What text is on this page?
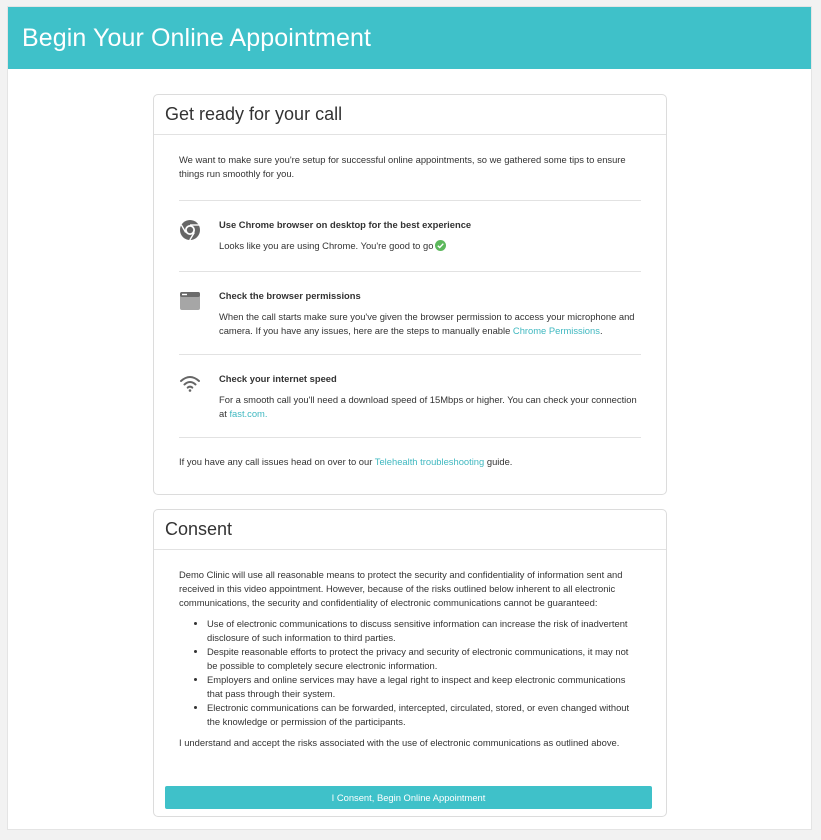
Begin Your Online Appointment
Get ready for your call
We want to make sure you're setup for successful online appointments, so we gathered some tips to ensure things run smoothly for you.
Use Chrome browser on desktop for the best experience
Looks like you are using Chrome. You're good to go
Check the browser permissions
When the call starts make sure you've given the browser permission to access your microphone and camera. If you have any issues, here are the steps to manually enable Chrome Permissions.
Check your internet speed
For a smooth call you'll need a download speed of 15Mbps or higher. You can check your connection at fast.com.
If you have any call issues head on over to our Telehealth troubleshooting guide.
Consent
Demo Clinic will use all reasonable means to protect the security and confidentiality of information sent and received in this video appointment. However, because of the risks outlined below inherent to all electronic communications, the security and confidentiality of electronic communications cannot be guaranteed:
• Use of electronic communications to discuss sensitive information can increase the risk of inadvertent disclosure of such information to third parties.
• Despite reasonable efforts to protect the privacy and security of electronic communications, it may not be possible to completely secure electronic information.
• Employers and online services may have a legal right to inspect and keep electronic communications that pass through their system.
• Electronic communications can be forwarded, intercepted, circulated, stored, or even changed without the knowledge or permission of the participants.
I understand and accept the risks associated with the use of electronic communications as outlined above.
I Consent, Begin Online Appointment
